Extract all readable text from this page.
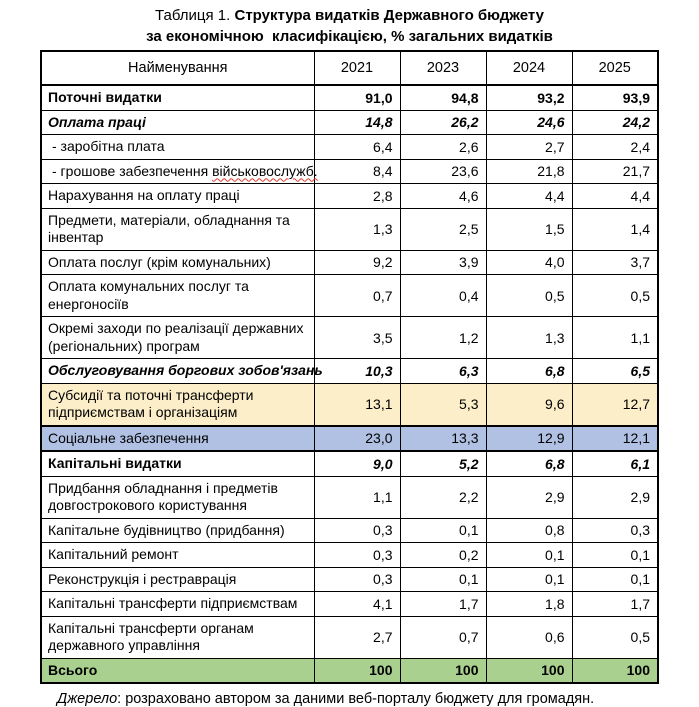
Таблиця 1. Структура видатків Державного бюджету
за економічною  класифікацією, % загальних видатків
Найменування	2021	2023	2024	2025
Поточні видатки	91,0	94,8	93,2	93,9
Оплата праці	14,8	26,2	24,6	24,2
- заробітна плата	6,4	2,6	2,7	2,4
- грошове забезпечення військовослужб.	8,4	23,6	21,8	21,7
Нарахування на оплату праці	2,8	4,6	4,4	4,4
Предмети, матеріали, обладнання та інвентар	1,3	2,5	1,5	1,4
Оплата послуг (крім комунальних)	9,2	3,9	4,0	3,7
Оплата комунальних послуг та енергоносіїв	0,7	0,4	0,5	0,5
Окремі заходи по реалізації державних (регіональних) програм	3,5	1,2	1,3	1,1
Обслуговування боргових зобов'язань	10,3	6,3	6,8	6,5
Субсидії та поточні трансферти підприємствам і організаціям	13,1	5,3	9,6	12,7
Соціальне забезпечення	23,0	13,3	12,9	12,1
Капітальні видатки	9,0	5,2	6,8	6,1
Придбання обладнання і предметів довгострокового користування	1,1	2,2	2,9	2,9
Капітальне будівництво (придбання)	0,3	0,1	0,8	0,3
Капітальний ремонт	0,3	0,2	0,1	0,1
Реконструкція і рестраврація	0,3	0,1	0,1	0,1
Капітальні трансферти підприємствам	4,1	1,7	1,8	1,7
Капітальні трансферти органам державного управління	2,7	0,7	0,6	0,5
Всього	100	100	100	100
Джерело: розраховано автором за даними веб-порталу бюджету для громадян.
